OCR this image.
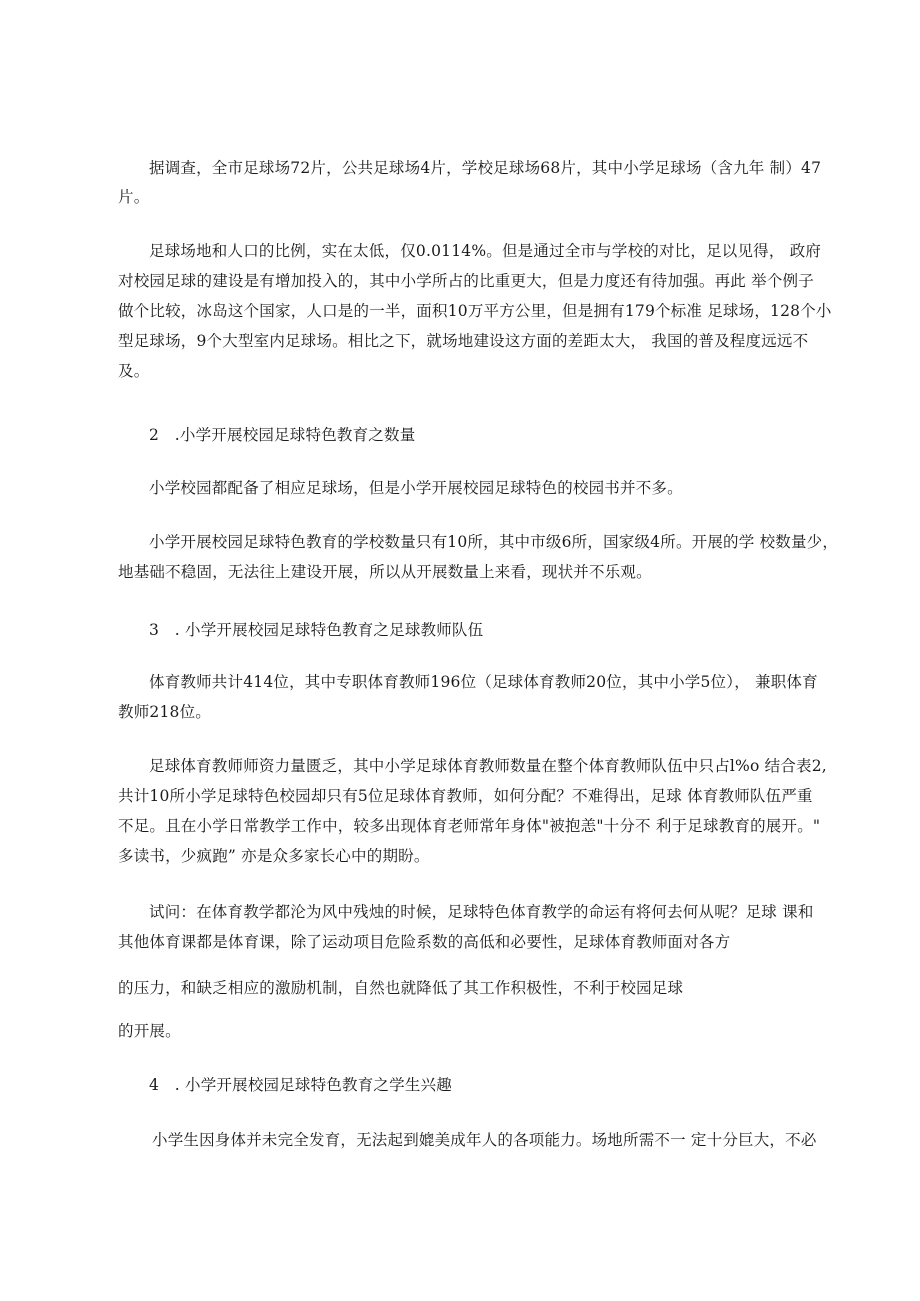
据调查，全市足球场72片，公共足球场4片，学校足球场68片，其中小学足球场（含九年 制）47
片。
足球场地和人口的比例，实在太低，仅0.0114%。但是通过全市与学校的对比，足以见得， 政府
对校园足球的建设是有增加投入的，其中小学所占的比重更大，但是力度还有待加强。再此 举个例子
做个比较，冰岛这个国家，人口是的一半，面积10万平方公里，但是拥有179个标准 足球场，128个小
型足球场，9个大型室内足球场。相比之下，就场地建设这方面的差距太大， 我国的普及程度远远不
及。
2　.小学开展校园足球特色教育之数量
小学校园都配备了相应足球场，但是小学开展校园足球特色的校园书并不多。
小学开展校园足球特色教育的学校数量只有10所，其中市级6所，国家级4所。开展的学 校数量少，
地基础不稳固，无法往上建设开展，所以从开展数量上来看，现状并不乐观。
3　. 小学开展校园足球特色教育之足球教师队伍
体育教师共计414位，其中专职体育教师196位（足球体育教师20位，其中小学5位）， 兼职体育
教师218位。
足球体育教师师资力量匮乏，其中小学足球体育教师数量在整个体育教师队伍中只占l%o 结合表2,
共计10所小学足球特色校园却只有5位足球体育教师，如何分配？不难得出，足球 体育教师队伍严重
不足。且在小学日常教学工作中，较多出现体育老师常年身体"被抱恙"十分不 利于足球教育的展开。"
多读书，少疯跑” 亦是众多家长心中的期盼。
试问：在体育教学都沦为风中残烛的时候，足球特色体育教学的命运有将何去何从呢？足球 课和
其他体育课都是体育课，除了运动项目危险系数的高低和必要性，足球体育教师面对各方
的压力，和缺乏相应的激励机制，自然也就降低了其工作积极性，不利于校园足球
的开展。
4　. 小学开展校园足球特色教育之学生兴趣
小学生因身体并未完全发育，无法起到媲美成年人的各项能力。场地所需不一 定十分巨大，不必
